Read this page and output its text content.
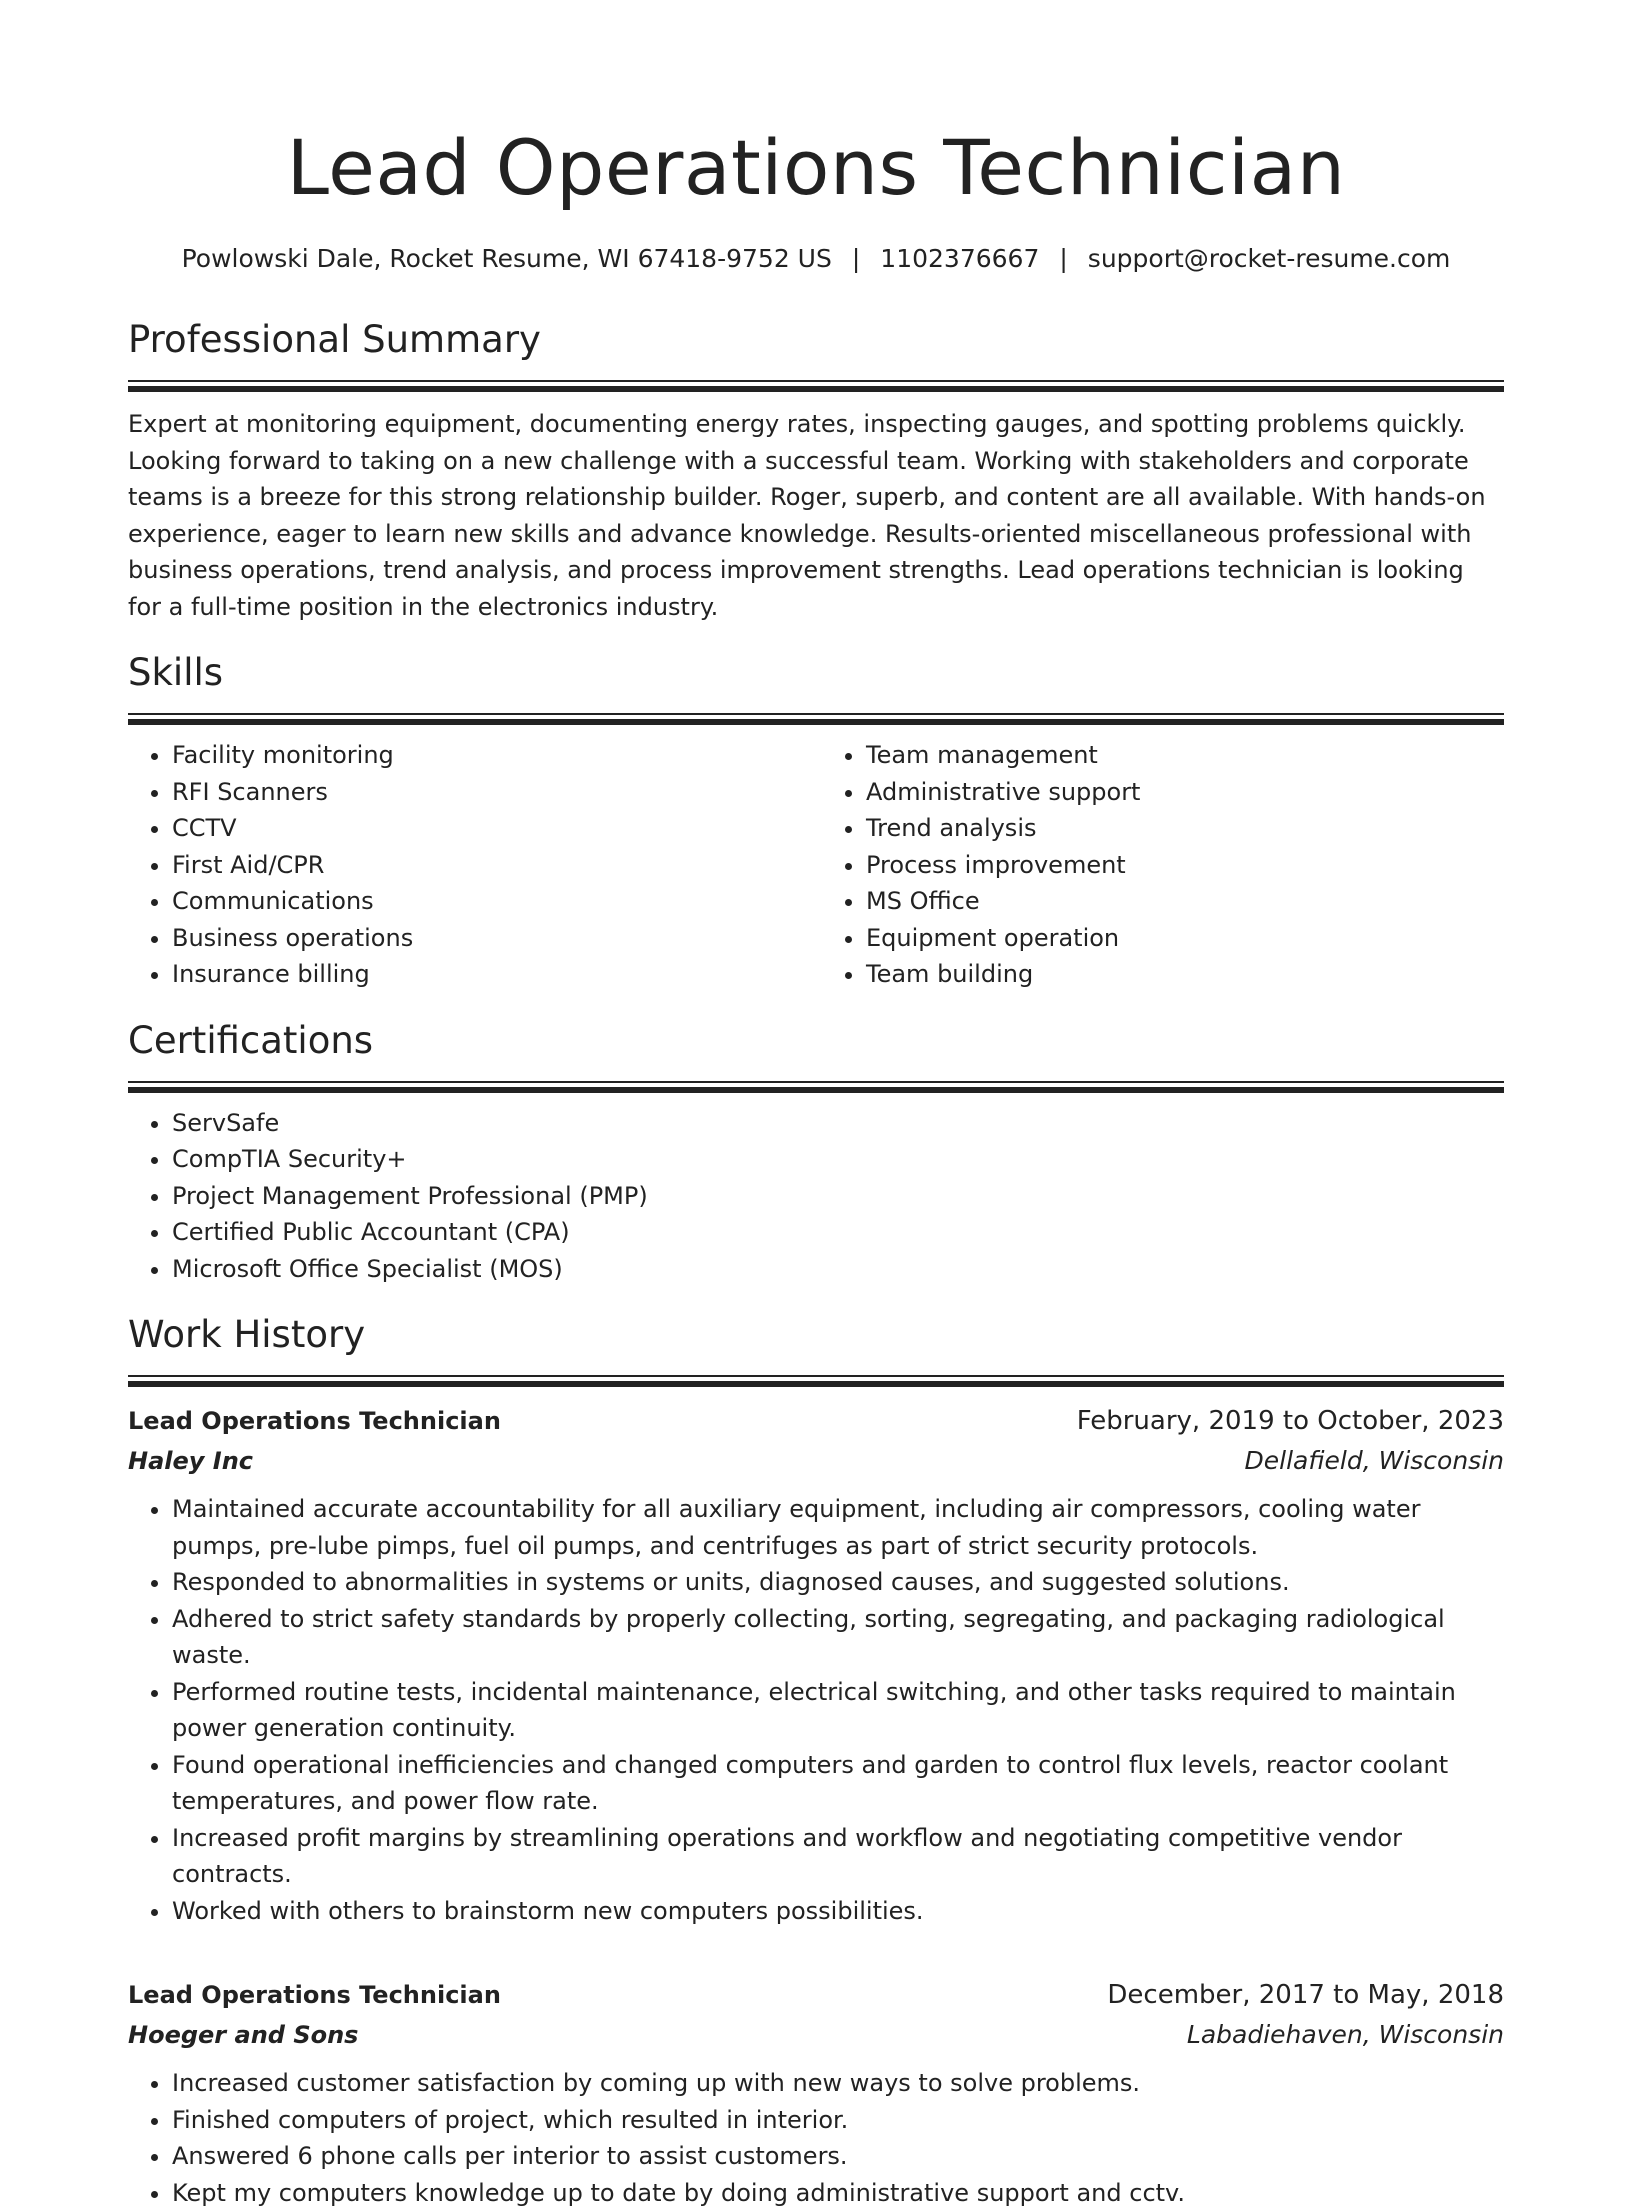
Lead Operations Technician
Powlowski Dale, Rocket Resume, WI 67418-9752 US | 1102376667 | support@rocket-resume.com
Professional Summary

Expert at monitoring equipment, documenting energy rates, inspecting gauges, and spotting problems quickly. Looking forward to taking on a new challenge with a successful team. Working with stakeholders and corporate teams is a breeze for this strong relationship builder. Roger, superb, and content are all available. With hands-on experience, eager to learn new skills and advance knowledge. Results-oriented miscellaneous professional with business operations, trend analysis, and process improvement strengths. Lead operations technician is looking for a full-time position in the electronics industry.

Skills
• Facility monitoring
• RFI Scanners
• CCTV
• First Aid/CPR
• Communications
• Business operations
• Insurance billing
• Team management
• Administrative support
• Trend analysis
• Process improvement
• MS Office
• Equipment operation
• Team building
Certifications
• ServSafe
• CompTIA Security+
• Project Management Professional (PMP)
• Certified Public Accountant (CPA)
• Microsoft Office Specialist (MOS)
Work History
Lead Operations Technician	February, 2019 to October, 2023
Haley Inc	Dellafield, Wisconsin
• Maintained accurate accountability for all auxiliary equipment, including air compressors, cooling water pumps, pre-lube pimps, fuel oil pumps, and centrifuges as part of strict security protocols.
• Responded to abnormalities in systems or units, diagnosed causes, and suggested solutions.
• Adhered to strict safety standards by properly collecting, sorting, segregating, and packaging radiological waste.
• Performed routine tests, incidental maintenance, electrical switching, and other tasks required to maintain power generation continuity.
• Found operational inefficiencies and changed computers and garden to control flux levels, reactor coolant temperatures, and power flow rate.
• Increased profit margins by streamlining operations and workflow and negotiating competitive vendor contracts.
• Worked with others to brainstorm new computers possibilities.
Lead Operations Technician	December, 2017 to May, 2018
Hoeger and Sons	Labadiehaven, Wisconsin
• Increased customer satisfaction by coming up with new ways to solve problems.
• Finished computers of project, which resulted in interior.
• Answered 6 phone calls per interior to assist customers.
• Kept my computers knowledge up to date by doing administrative support and cctv.
